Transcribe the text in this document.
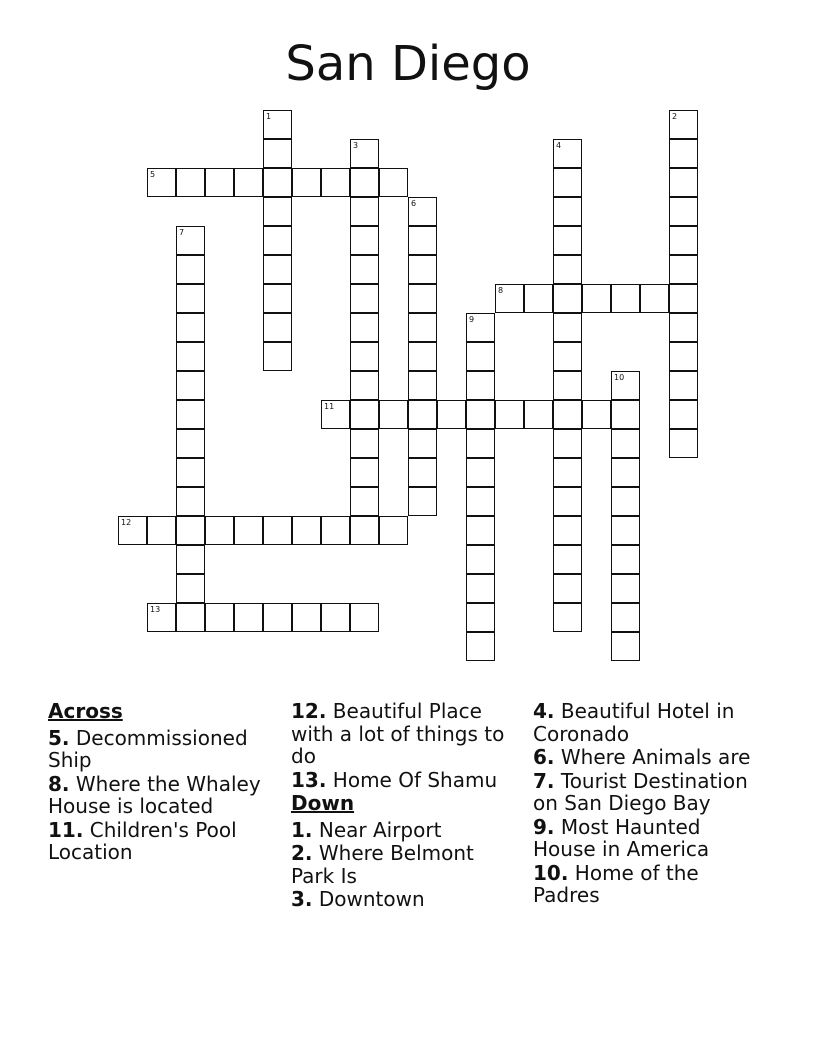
San Diego
1	2
3	4
5
6
7
8
9
10
11
12
13
Across
5. Decommissioned Ship
8. Where the Whaley House is located
11. Children's Pool Location
12. Beautiful Place with a lot of things to do
13. Home Of Shamu
Down
1. Near Airport
2. Where Belmont Park Is
3. Downtown
4. Beautiful Hotel in Coronado
6. Where Animals are
7. Tourist Destination on San Diego Bay
9. Most Haunted House in America
10. Home of the Padres
